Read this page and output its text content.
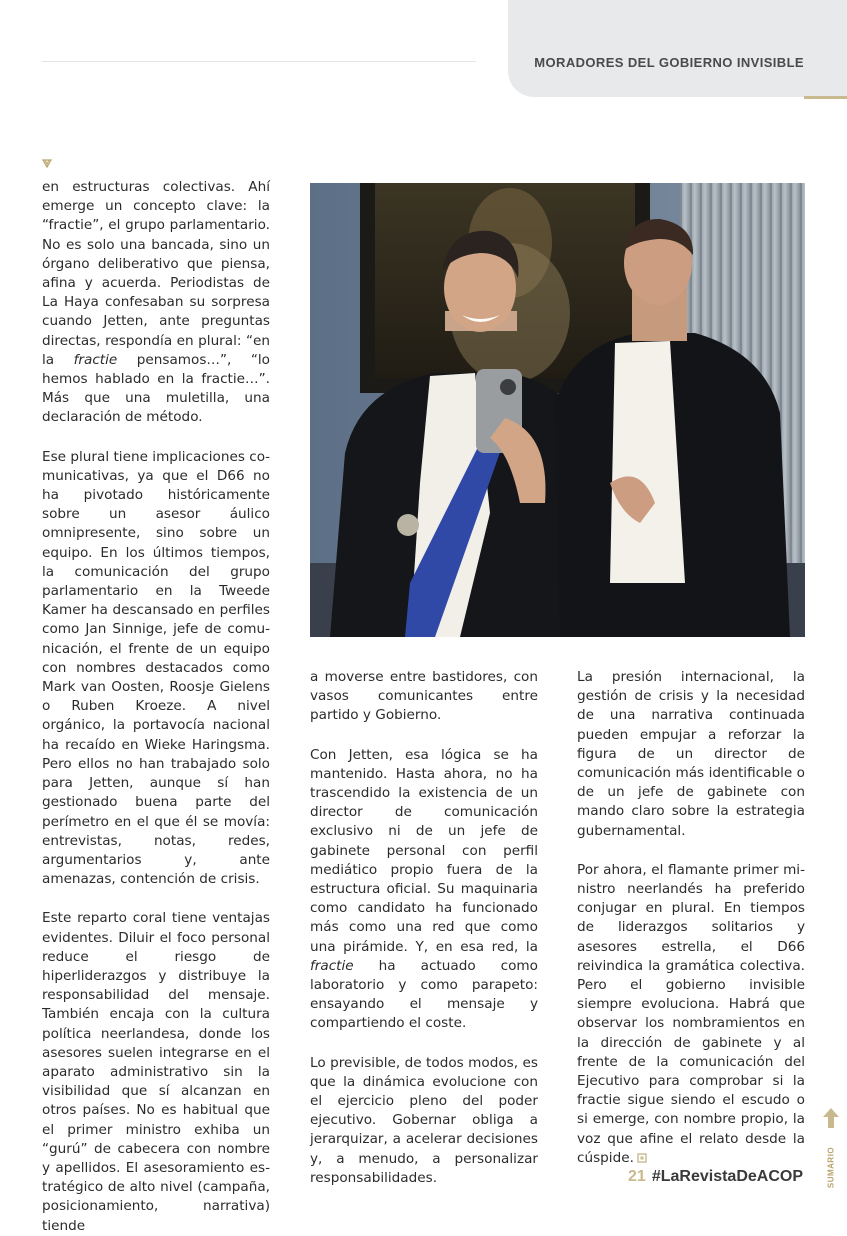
MORADORES DEL GOBIERNO INVISIBLE

en estructuras colectivas. Ahí emerge un concepto clave: la “fractie”, el grupo parlamentario. No es solo una bancada, sino un órgano deliberativo que piensa, afina y acuerda. Periodistas de La Haya confesaban su sorpresa cuando Jetten, ante preguntas directas, respondía en plural: “en la fractie pensamos…”, “lo hemos hablado en la fractie…”. Más que una muletilla, una declaración de método.

Ese plural tiene implicaciones comunicativas, ya que el D66 no ha pivotado históricamente sobre un asesor áulico omnipresente, sino sobre un equipo. En los últimos tiempos, la comunicación del grupo parlamentario en la Tweede Kamer ha descansado en perfiles como Jan Sinnige, jefe de comunicación, el frente de un equipo con nombres destacados como Mark van Oosten, Roosje Gielens o Ruben Kroeze. A nivel orgánico, la portavocía nacional ha recaído en Wieke Haringsma. Pero ellos no han trabajado solo para Jetten, aunque sí han gestionado buena parte del perímetro en el que él se movía: entrevistas, notas, redes, argumentarios y, ante amenazas, contención de crisis.

Este reparto coral tiene ventajas evidentes. Diluir el foco personal reduce el riesgo de hiperliderazgos y distribuye la responsabilidad del mensaje. También encaja con la cultura política neerlandesa, donde los asesores suelen integrarse en el aparato administrativo sin la visibilidad que sí alcanzan en otros países. No es habitual que el primer ministro exhiba un “gurú” de cabecera con nombre y apellidos. El asesoramiento estratégico de alto nivel (campaña, posicionamiento, narrativa) tiende

a moverse entre bastidores, con vasos comunicantes entre partido y Gobierno.

Con Jetten, esa lógica se ha mantenido. Hasta ahora, no ha trascendido la existencia de un director de comunicación exclusivo ni de un jefe de gabinete personal con perfil mediático propio fuera de la estructura oficial. Su maquinaria como candidato ha funcionado más como una red que como una pirámide. Y, en esa red, la fractie ha actuado como laboratorio y como parapeto: ensayando el mensaje y compartiendo el coste.

Lo previsible, de todos modos, es que la dinámica evolucione con el ejercicio pleno del poder ejecutivo. Gobernar obliga a jerarquizar, a acelerar decisiones y, a menudo, a personalizar responsabilidades.

La presión internacional, la gestión de crisis y la necesidad de una narrativa continuada pueden empujar a reforzar la figura de un director de comunicación más identificable o de un jefe de gabinete con mando claro sobre la estrategia gubernamental.

Por ahora, el flamante primer ministro neerlandés ha preferido conjugar en plural. En tiempos de liderazgos solitarios y asesores estrella, el D66 reivindica la gramática colectiva. Pero el gobierno invisible siempre evoluciona. Habrá que observar los nombramientos en la dirección de gabinete y al frente de la comunicación del Ejecutivo para comprobar si la fractie sigue siendo el escudo o si emerge, con nombre propio, la voz que afine el relato desde la cúspide.	SUMARIO
21 #LaRevistaDeACOP
